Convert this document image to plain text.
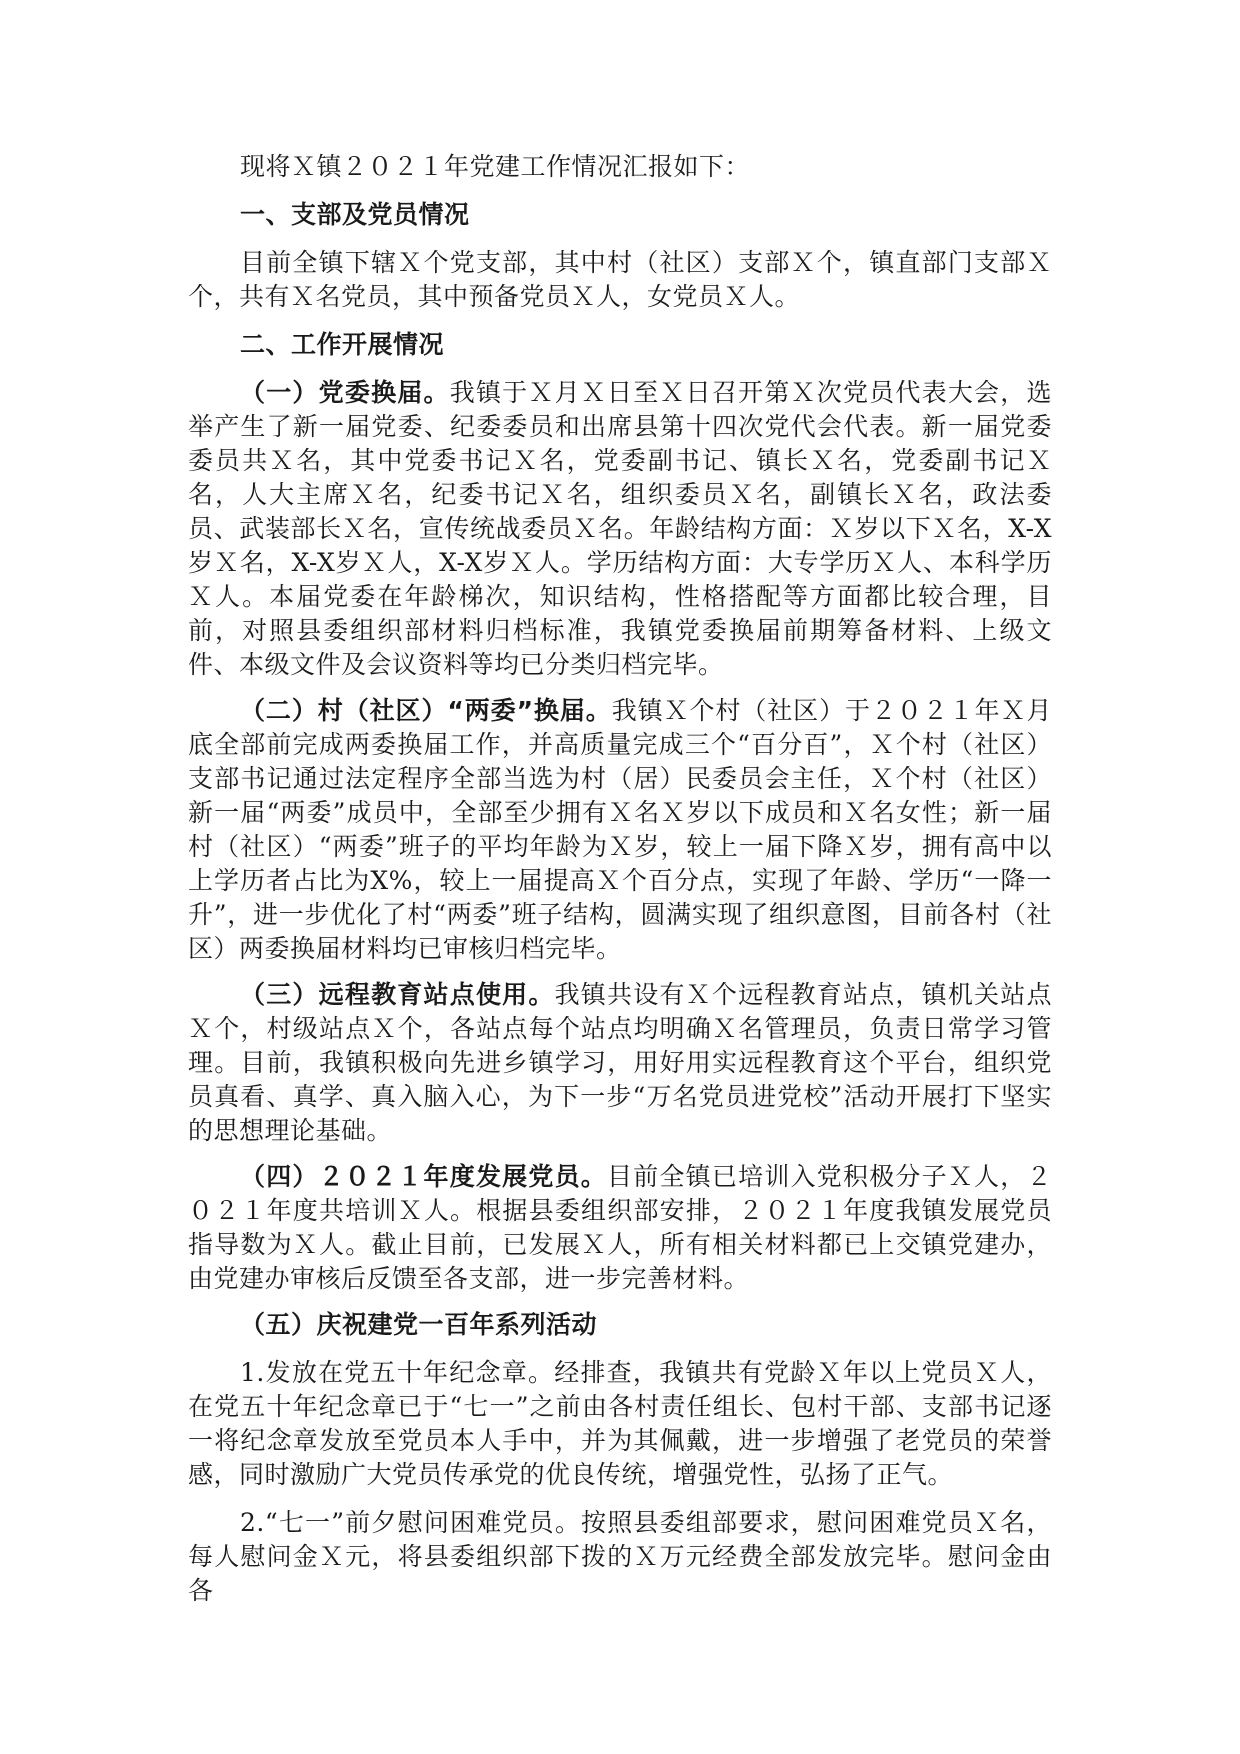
现将Ｘ镇２０２１年党建工作情况汇报如下：

一、支部及党员情况

目前全镇下辖Ｘ个党支部，其中村（社区）支部Ｘ个，镇直部门支部Ｘ个，共有Ｘ名党员，其中预备党员Ｘ人，女党员Ｘ人。

二、工作开展情况

（一）党委换届。我镇于Ｘ月Ｘ日至Ｘ日召开第Ｘ次党员代表大会，选举产生了新一届党委、纪委委员和出席县第十四次党代会代表。新一届党委委员共Ｘ名，其中党委书记Ｘ名，党委副书记、镇长Ｘ名，党委副书记Ｘ名，人大主席Ｘ名，纪委书记Ｘ名，组织委员Ｘ名，副镇长Ｘ名，政法委员、武装部长Ｘ名，宣传统战委员Ｘ名。年龄结构方面：Ｘ岁以下Ｘ名，X-X岁Ｘ名，X-X岁Ｘ人，X-X岁Ｘ人。学历结构方面：大专学历Ｘ人、本科学历Ｘ人。本届党委在年龄梯次，知识结构，性格搭配等方面都比较合理，目前，对照县委组织部材料归档标准，我镇党委换届前期筹备材料、上级文件、本级文件及会议资料等均已分类归档完毕。

（二）村（社区）“两委”换届。我镇Ｘ个村（社区）于２０２１年Ｘ月底全部前完成两委换届工作，并高质量完成三个“百分百”，Ｘ个村（社区）支部书记通过法定程序全部当选为村（居）民委员会主任，Ｘ个村（社区）新一届“两委”成员中，全部至少拥有Ｘ名Ｘ岁以下成员和Ｘ名女性；新一届村（社区）“两委”班子的平均年龄为Ｘ岁，较上一届下降Ｘ岁，拥有高中以上学历者占比为X%，较上一届提高Ｘ个百分点，实现了年龄、学历“一降一升”，进一步优化了村“两委”班子结构，圆满实现了组织意图，目前各村（社区）两委换届材料均已审核归档完毕。

（三）远程教育站点使用。我镇共设有Ｘ个远程教育站点，镇机关站点Ｘ个，村级站点Ｘ个，各站点每个站点均明确Ｘ名管理员，负责日常学习管理。目前，我镇积极向先进乡镇学习，用好用实远程教育这个平台，组织党员真看、真学、真入脑入心，为下一步“万名党员进党校”活动开展打下坚实的思想理论基础。

（四）２０２１年度发展党员。目前全镇已培训入党积极分子Ｘ人，２０２１年度共培训Ｘ人。根据县委组织部安排，２０２１年度我镇发展党员指导数为Ｘ人。截止目前，已发展Ｘ人，所有相关材料都已上交镇党建办，由党建办审核后反馈至各支部，进一步完善材料。

（五）庆祝建党一百年系列活动

1.发放在党五十年纪念章。经排查，我镇共有党龄Ｘ年以上党员Ｘ人，在党五十年纪念章已于“七一”之前由各村责任组长、包村干部、支部书记逐一将纪念章发放至党员本人手中，并为其佩戴，进一步增强了老党员的荣誉感，同时激励广大党员传承党的优良传统，增强党性，弘扬了正气。

2.“七一”前夕慰问困难党员。按照县委组部要求，慰问困难党员Ｘ名，每人慰问金Ｘ元，将县委组织部下拨的Ｘ万元经费全部发放完毕。慰问金由各
